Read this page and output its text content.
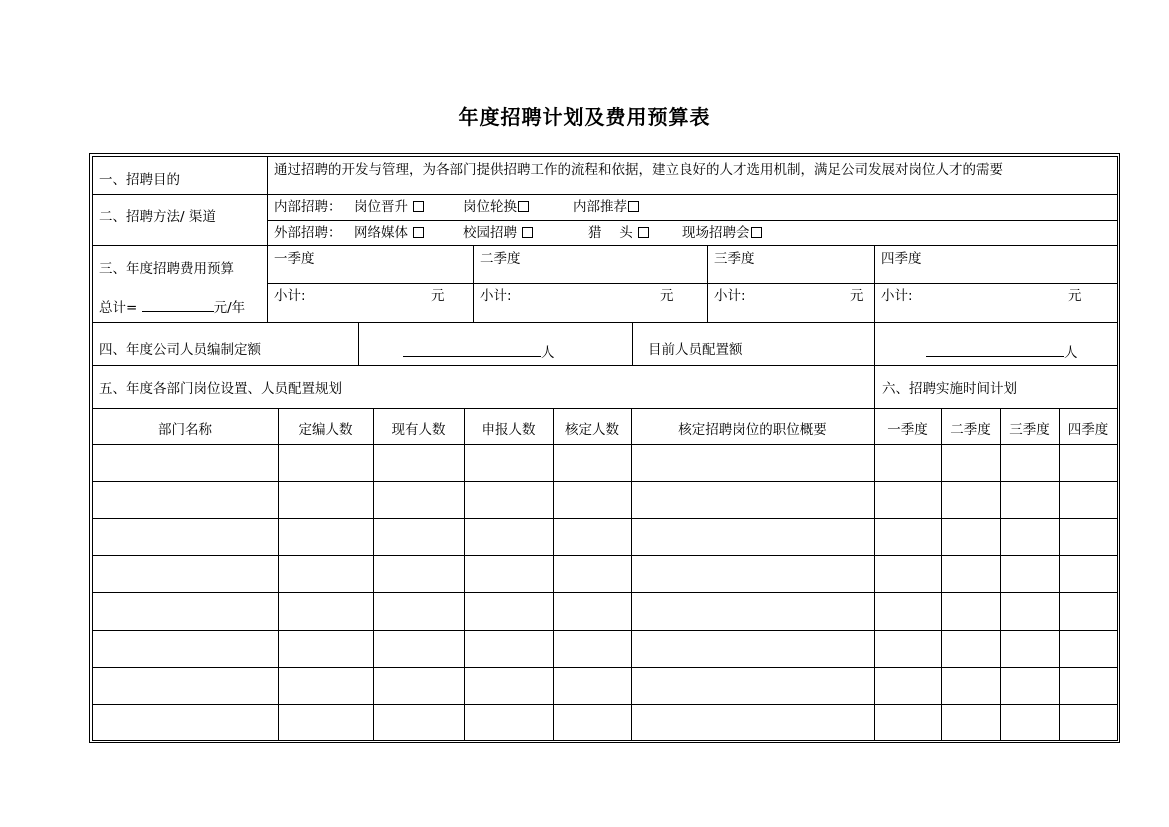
年度招聘计划及费用预算表
一、招聘目的
通过招聘的开发与管理，为各部门提供招聘工作的流程和依据，建立良好的人才选用机制，满足公司发展对岗位人才的需要
二、招聘方法/ 渠道
内部招聘： 岗位晋升	岗位轮换	内部推荐
外部招聘： 网络媒体	校园招聘	猎　 头	现场招聘会
三、年度招聘费用预算
总计=	元/年
一季度	二季度	三季度	四季度
小计:	元	小计:	元	小计:	元 小计:	元
四、年度公司人员编制定额	人	目前人员配置额	人
五、年度各部门岗位设置、人员配置规划	六、招聘实施时间计划
部门名称	定编人数	现有人数	申报人数	核定人数	核定招聘岗位的职位概要	一季度	二季度	三季度	四季度
